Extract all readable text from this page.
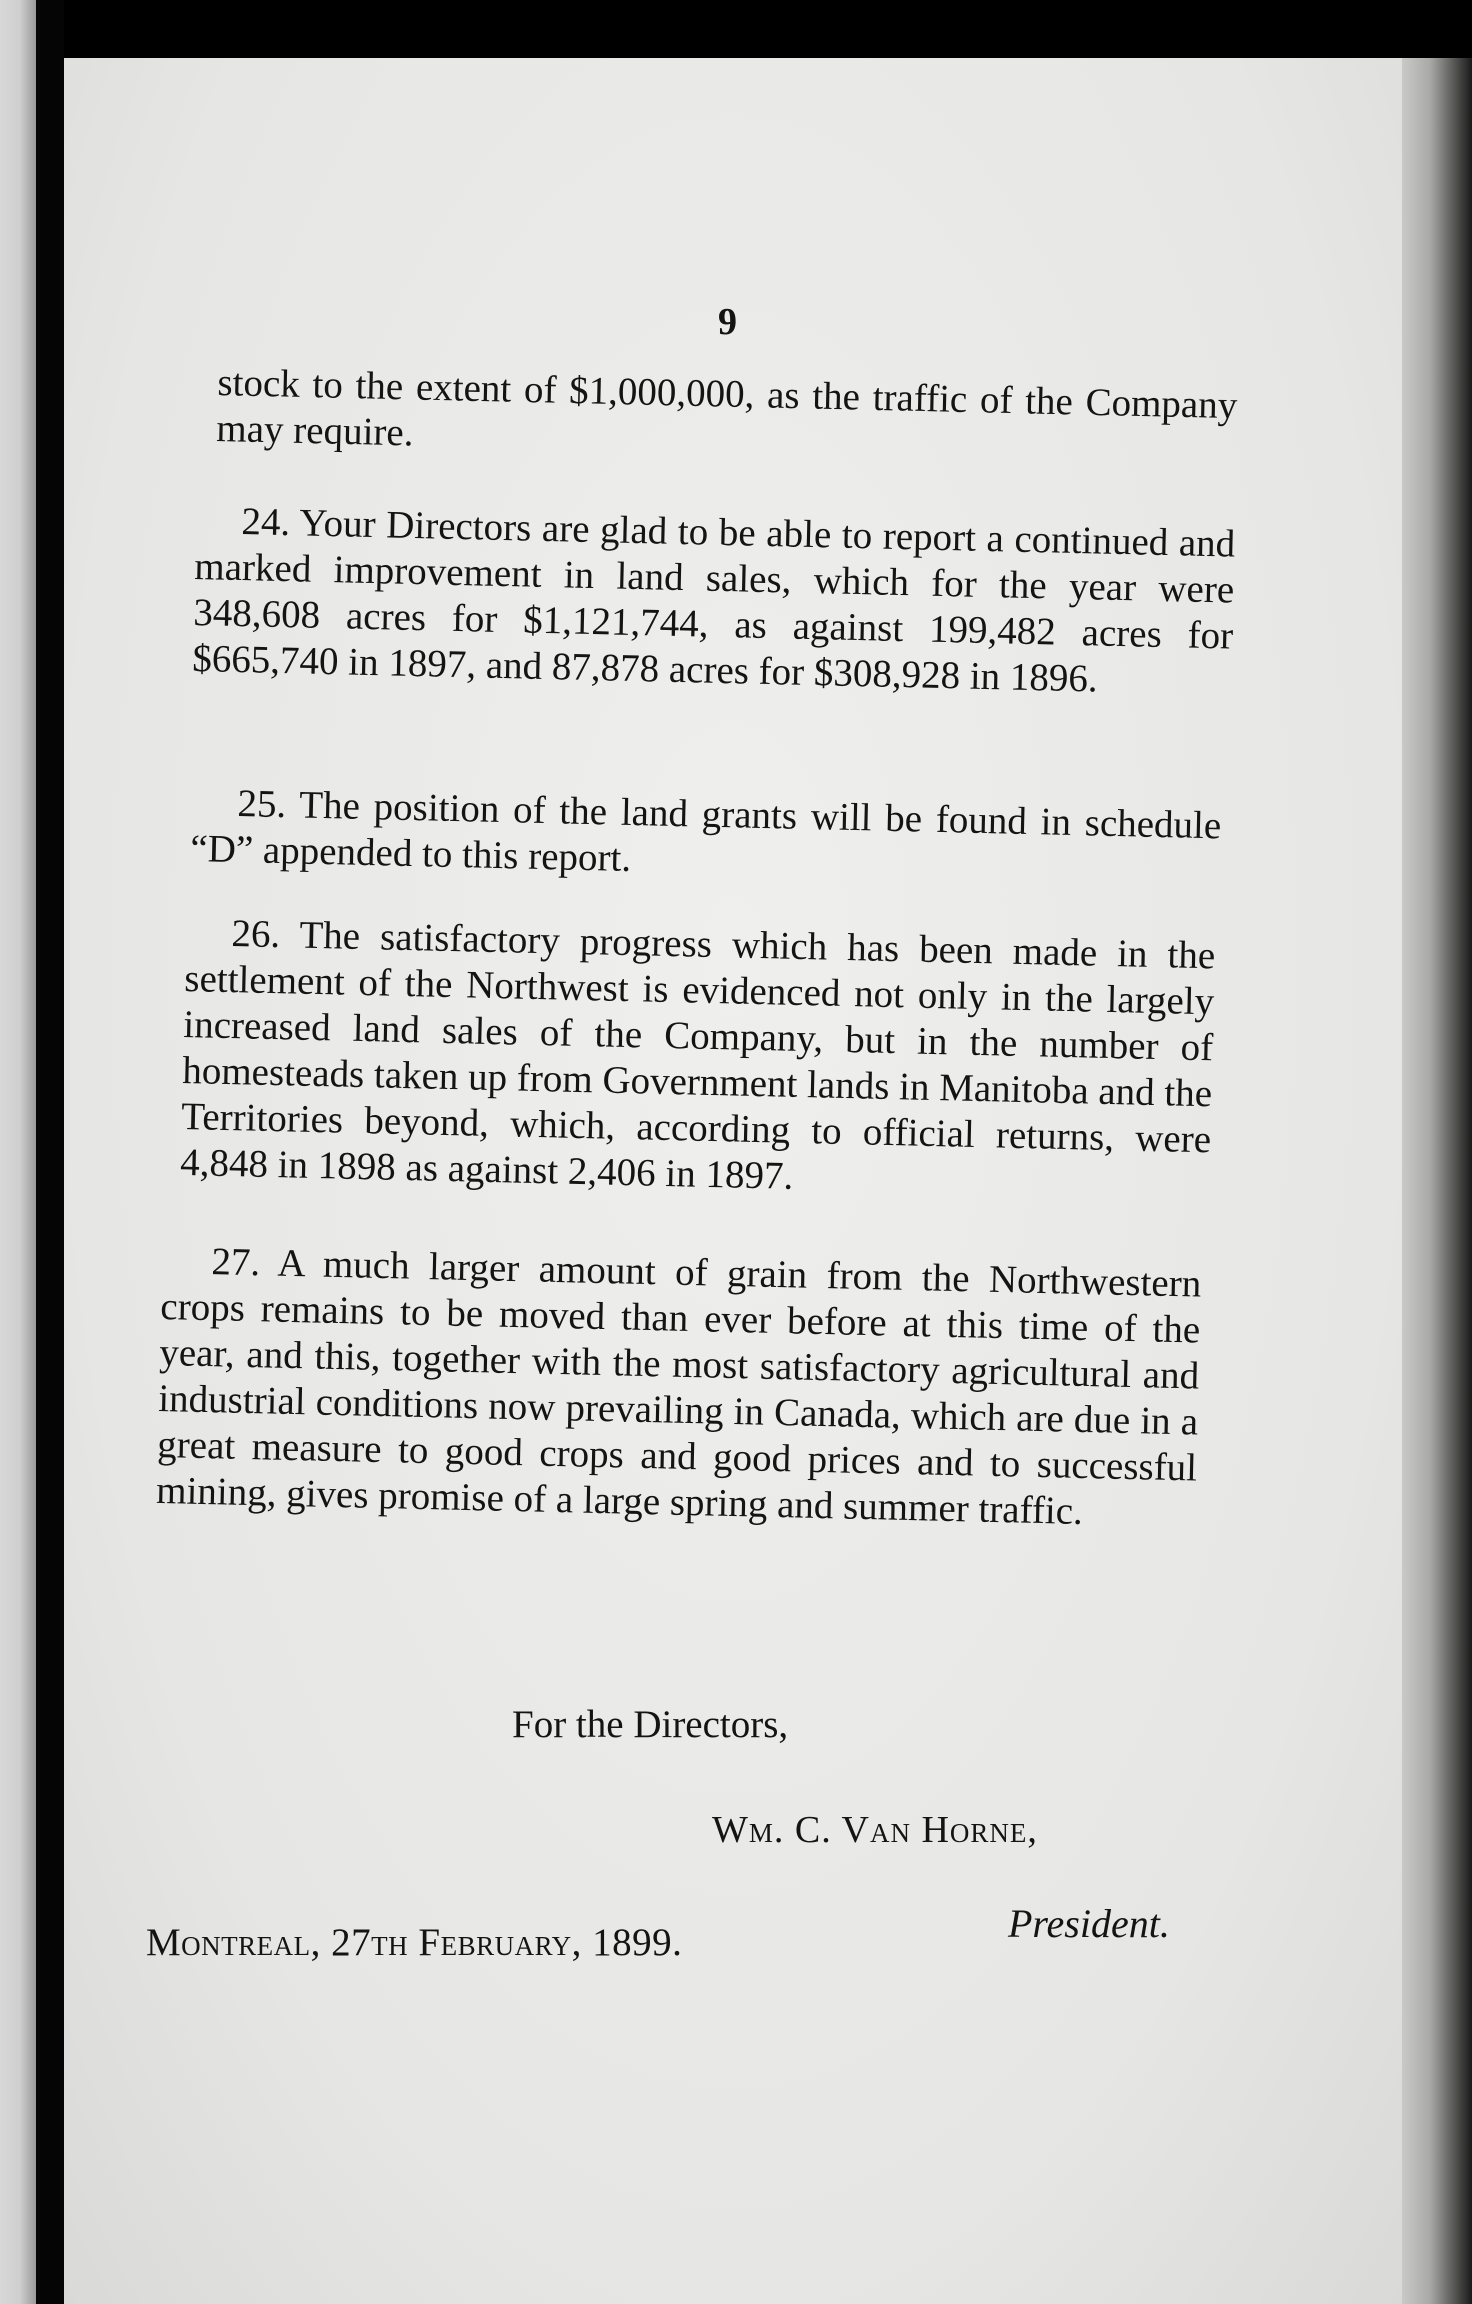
9

stock to the extent of $1,000,000, as the traffic of the Company may require.

24. Your Directors are glad to be able to report a continued and marked improvement in land sales, which for the year were 348,608 acres for $1,121,744, as against 199,482 acres for $665,740 in 1897, and 87,878 acres for $308,928 in 1896.

25. The position of the land grants will be found in schedule “D” appended to this report.

26. The satisfactory progress which has been made in the settlement of the Northwest is evidenced not only in the largely increased land sales of the Company, but in the number of homesteads taken up from Government lands in Manitoba and the Territories beyond, which, according to official returns, were 4,848 in 1898 as against 2,406 in 1897.

27. A much larger amount of grain from the Northwestern crops remains to be moved than ever before at this time of the year, and this, together with the most satisfactory agricultural and industrial conditions now prevailing in Canada, which are due in a great measure to good crops and good prices and to successful mining, gives promise of a large spring and summer traffic.

For the Directors,

Wm. C. Van Horne,

President.

Montreal, 27th February, 1899.
